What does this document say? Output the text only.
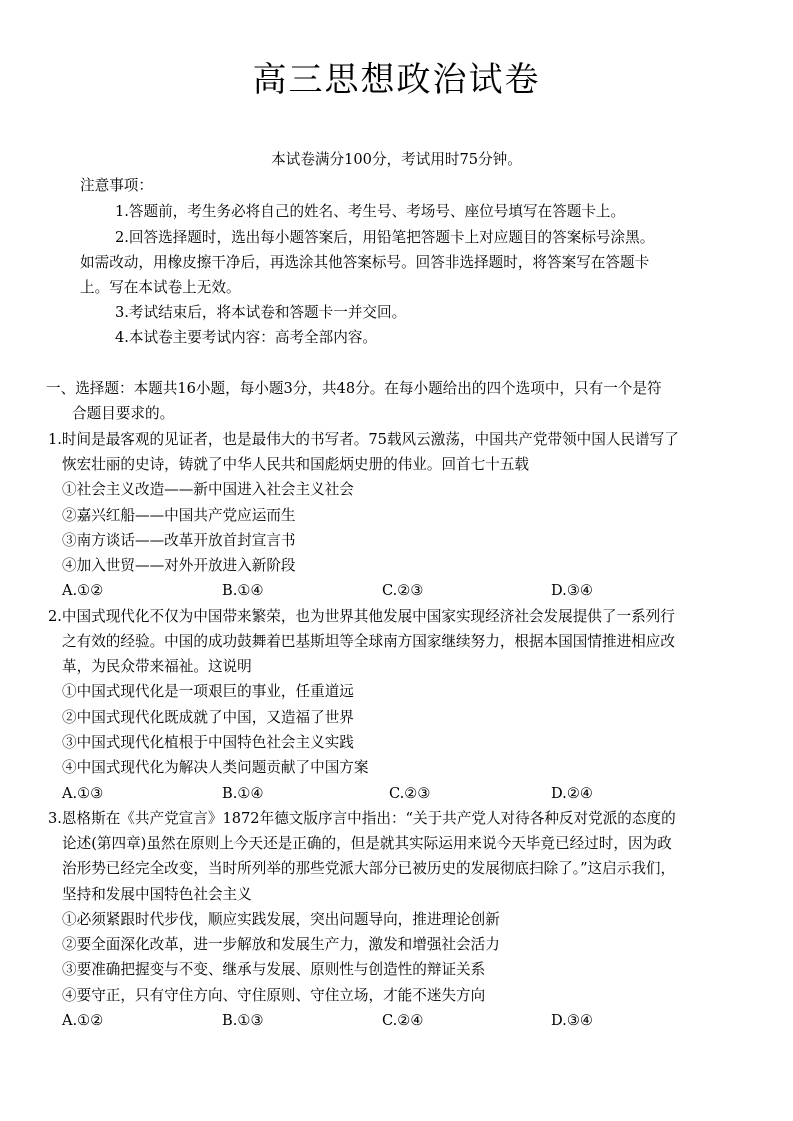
高三思想政治试卷
本试卷满分100分，考试用时75分钟。
注意事项：
1.答题前，考生务必将自己的姓名、考生号、考场号、座位号填写在答题卡上。
2.回答选择题时，选出每小题答案后，用铅笔把答题卡上对应题目的答案标号涂黑。
如需改动，用橡皮擦干净后，再选涂其他答案标号。回答非选择题时，将答案写在答题卡
上。写在本试卷上无效。
3.考试结束后，将本试卷和答题卡一并交回。
4.本试卷主要考试内容：高考全部内容。
一、选择题：本题共16小题，每小题3分，共48分。在每小题给出的四个选项中，只有一个是符
合题目要求的。
1.时间是最客观的见证者，也是最伟大的书写者。75载风云激荡，中国共产党带领中国人民谱写了
恢宏壮丽的史诗，铸就了中华人民共和国彪炳史册的伟业。回首七十五载
①社会主义改造——新中国进入社会主义社会
②嘉兴红船——中国共产党应运而生
③南方谈话——改革开放首封宣言书
④加入世贸——对外开放进入新阶段
A.①②	B.①④	C.②③	D.③④
2.中国式现代化不仅为中国带来繁荣，也为世界其他发展中国家实现经济社会发展提供了一系列行
之有效的经验。中国的成功鼓舞着巴基斯坦等全球南方国家继续努力，根据本国国情推进相应改
革，为民众带来福祉。这说明
①中国式现代化是一项艰巨的事业，任重道远
②中国式现代化既成就了中国，又造福了世界
③中国式现代化植根于中国特色社会主义实践
④中国式现代化为解决人类问题贡献了中国方案
A.①③	B.①④	C.②③	D.②④
3.恩格斯在《共产党宣言》1872年德文版序言中指出：“关于共产党人对待各种反对党派的态度的
论述(第四章)虽然在原则上今天还是正确的，但是就其实际运用来说今天毕竟已经过时，因为政
治形势已经完全改变，当时所列举的那些党派大部分已被历史的发展彻底扫除了。”这启示我们，
坚持和发展中国特色社会主义
①必须紧跟时代步伐，顺应实践发展，突出问题导向，推进理论创新
②要全面深化改革，进一步解放和发展生产力，激发和增强社会活力
③要准确把握变与不变、继承与发展、原则性与创造性的辩证关系
④要守正，只有守住方向、守住原则、守住立场，才能不迷失方向
A.①②	B.①③	C.②④	D.③④
